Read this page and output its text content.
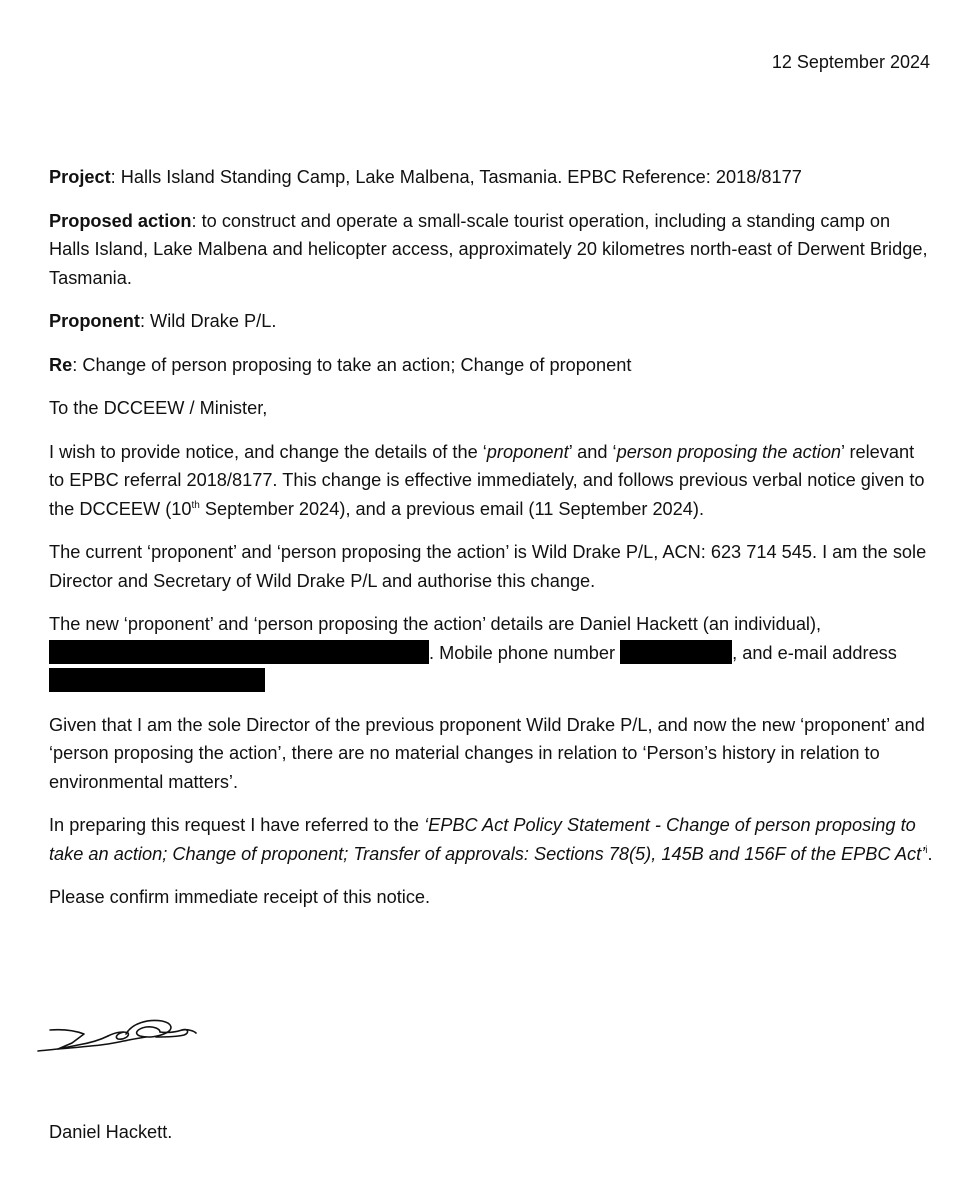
12 September 2024

Project: Halls Island Standing Camp, Lake Malbena, Tasmania. EPBC Reference: 2018/8177

Proposed action: to construct and operate a small-scale tourist operation, including a standing camp on Halls Island, Lake Malbena and helicopter access, approximately 20 kilometres north-east of Derwent Bridge, Tasmania.

Proponent: Wild Drake P/L.

Re: Change of person proposing to take an action; Change of proponent

To the DCCEEW / Minister,

I wish to provide notice, and change the details of the ‘proponent’ and ‘person proposing the action’ relevant to EPBC referral 2018/8177. This change is effective immediately, and follows previous verbal notice given to the DCCEEW (10th September 2024), and a previous email (11 September 2024).

The current ‘proponent’ and ‘person proposing the action’ is Wild Drake P/L, ACN: 623 714 545. I am the sole Director and Secretary of Wild Drake P/L and authorise this change.

The new ‘proponent’ and ‘person proposing the action’ details are Daniel Hackett (an individual), . Mobile phone number	, and e-mail address

Given that I am the sole Director of the previous proponent Wild Drake P/L, and now the new ‘proponent’ and ‘person proposing the action’, there are no material changes in relation to ‘Person’s history in relation to environmental matters’.

In preparing this request I have referred to the ‘EPBC Act Policy Statement - Change of person proposing to take an action; Change of proponent; Transfer of approvals: Sections 78(5), 145B and 156F of the EPBC Act’$^i$.

Please confirm immediate receipt of this notice.

Daniel Hackett.
